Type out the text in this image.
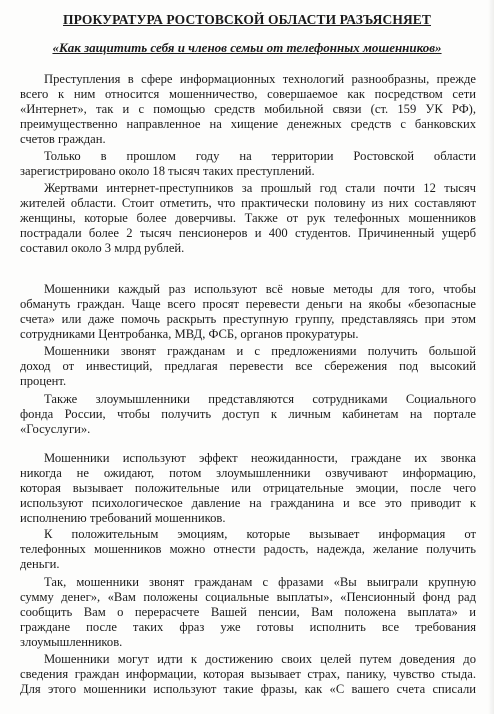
ПРОКУРАТУРА РОСТОВСКОЙ ОБЛАСТИ РАЗЪЯСНЯЕТ
«Как защитить себя и членов семьи от телефонных мошенников»
Преступления в сфере информационных технологий разнообразны, прежде
всего к ним относится мошенничество, совершаемое как посредством сети
«Интернет», так и с помощью средств мобильной связи (ст. 159 УК РФ),
преимущественно направленное на хищение денежных средств с банковских
счетов граждан.
Только в прошлом году на территории Ростовской области
зарегистрировано около 18 тысяч таких преступлений.
Жертвами интернет-преступников за прошлый год стали почти 12 тысяч
жителей области. Стоит отметить, что практически половину из них составляют
женщины, которые более доверчивы. Также от рук телефонных мошенников
пострадали более 2 тысяч пенсионеров и 400 студентов. Причиненный ущерб
составил около 3 млрд рублей.
Мошенники каждый раз используют всё новые методы для того, чтобы
обмануть граждан. Чаще всего просят перевести деньги на якобы «безопасные
счета» или даже помочь раскрыть преступную группу, представляясь при этом
сотрудниками Центробанка, МВД, ФСБ, органов прокуратуры.
Мошенники звонят гражданам и с предложениями получить большой
доход от инвестиций, предлагая перевести все сбережения под высокий
процент.
Также злоумышленники представляются сотрудниками Социального
фонда России, чтобы получить доступ к личным кабинетам на портале
«Госуслуги».
Мошенники используют эффект неожиданности, граждане их звонка
никогда не ожидают, потом злоумышленники озвучивают информацию,
которая вызывает положительные или отрицательные эмоции, после чего
используют психологическое давление на гражданина и все это приводит к
исполнению требований мошенников.
К положительным эмоциям, которые вызывает информация от
телефонных мошенников можно отнести радость, надежда, желание получить
деньги.
Так, мошенники звонят гражданам с фразами «Вы выиграли крупную
сумму денег», «Вам положены социальные выплаты», «Пенсионный фонд рад
сообщить Вам о перерасчете Вашей пенсии, Вам положена выплата» и
граждане после таких фраз уже готовы исполнить все требования
злоумышленников.
Мошенники могут идти к достижению своих целей путем доведения до
сведения граждан информации, которая вызывает страх, панику, чувство стыда.
Для этого мошенники используют такие фразы, как «С вашего счета списали
